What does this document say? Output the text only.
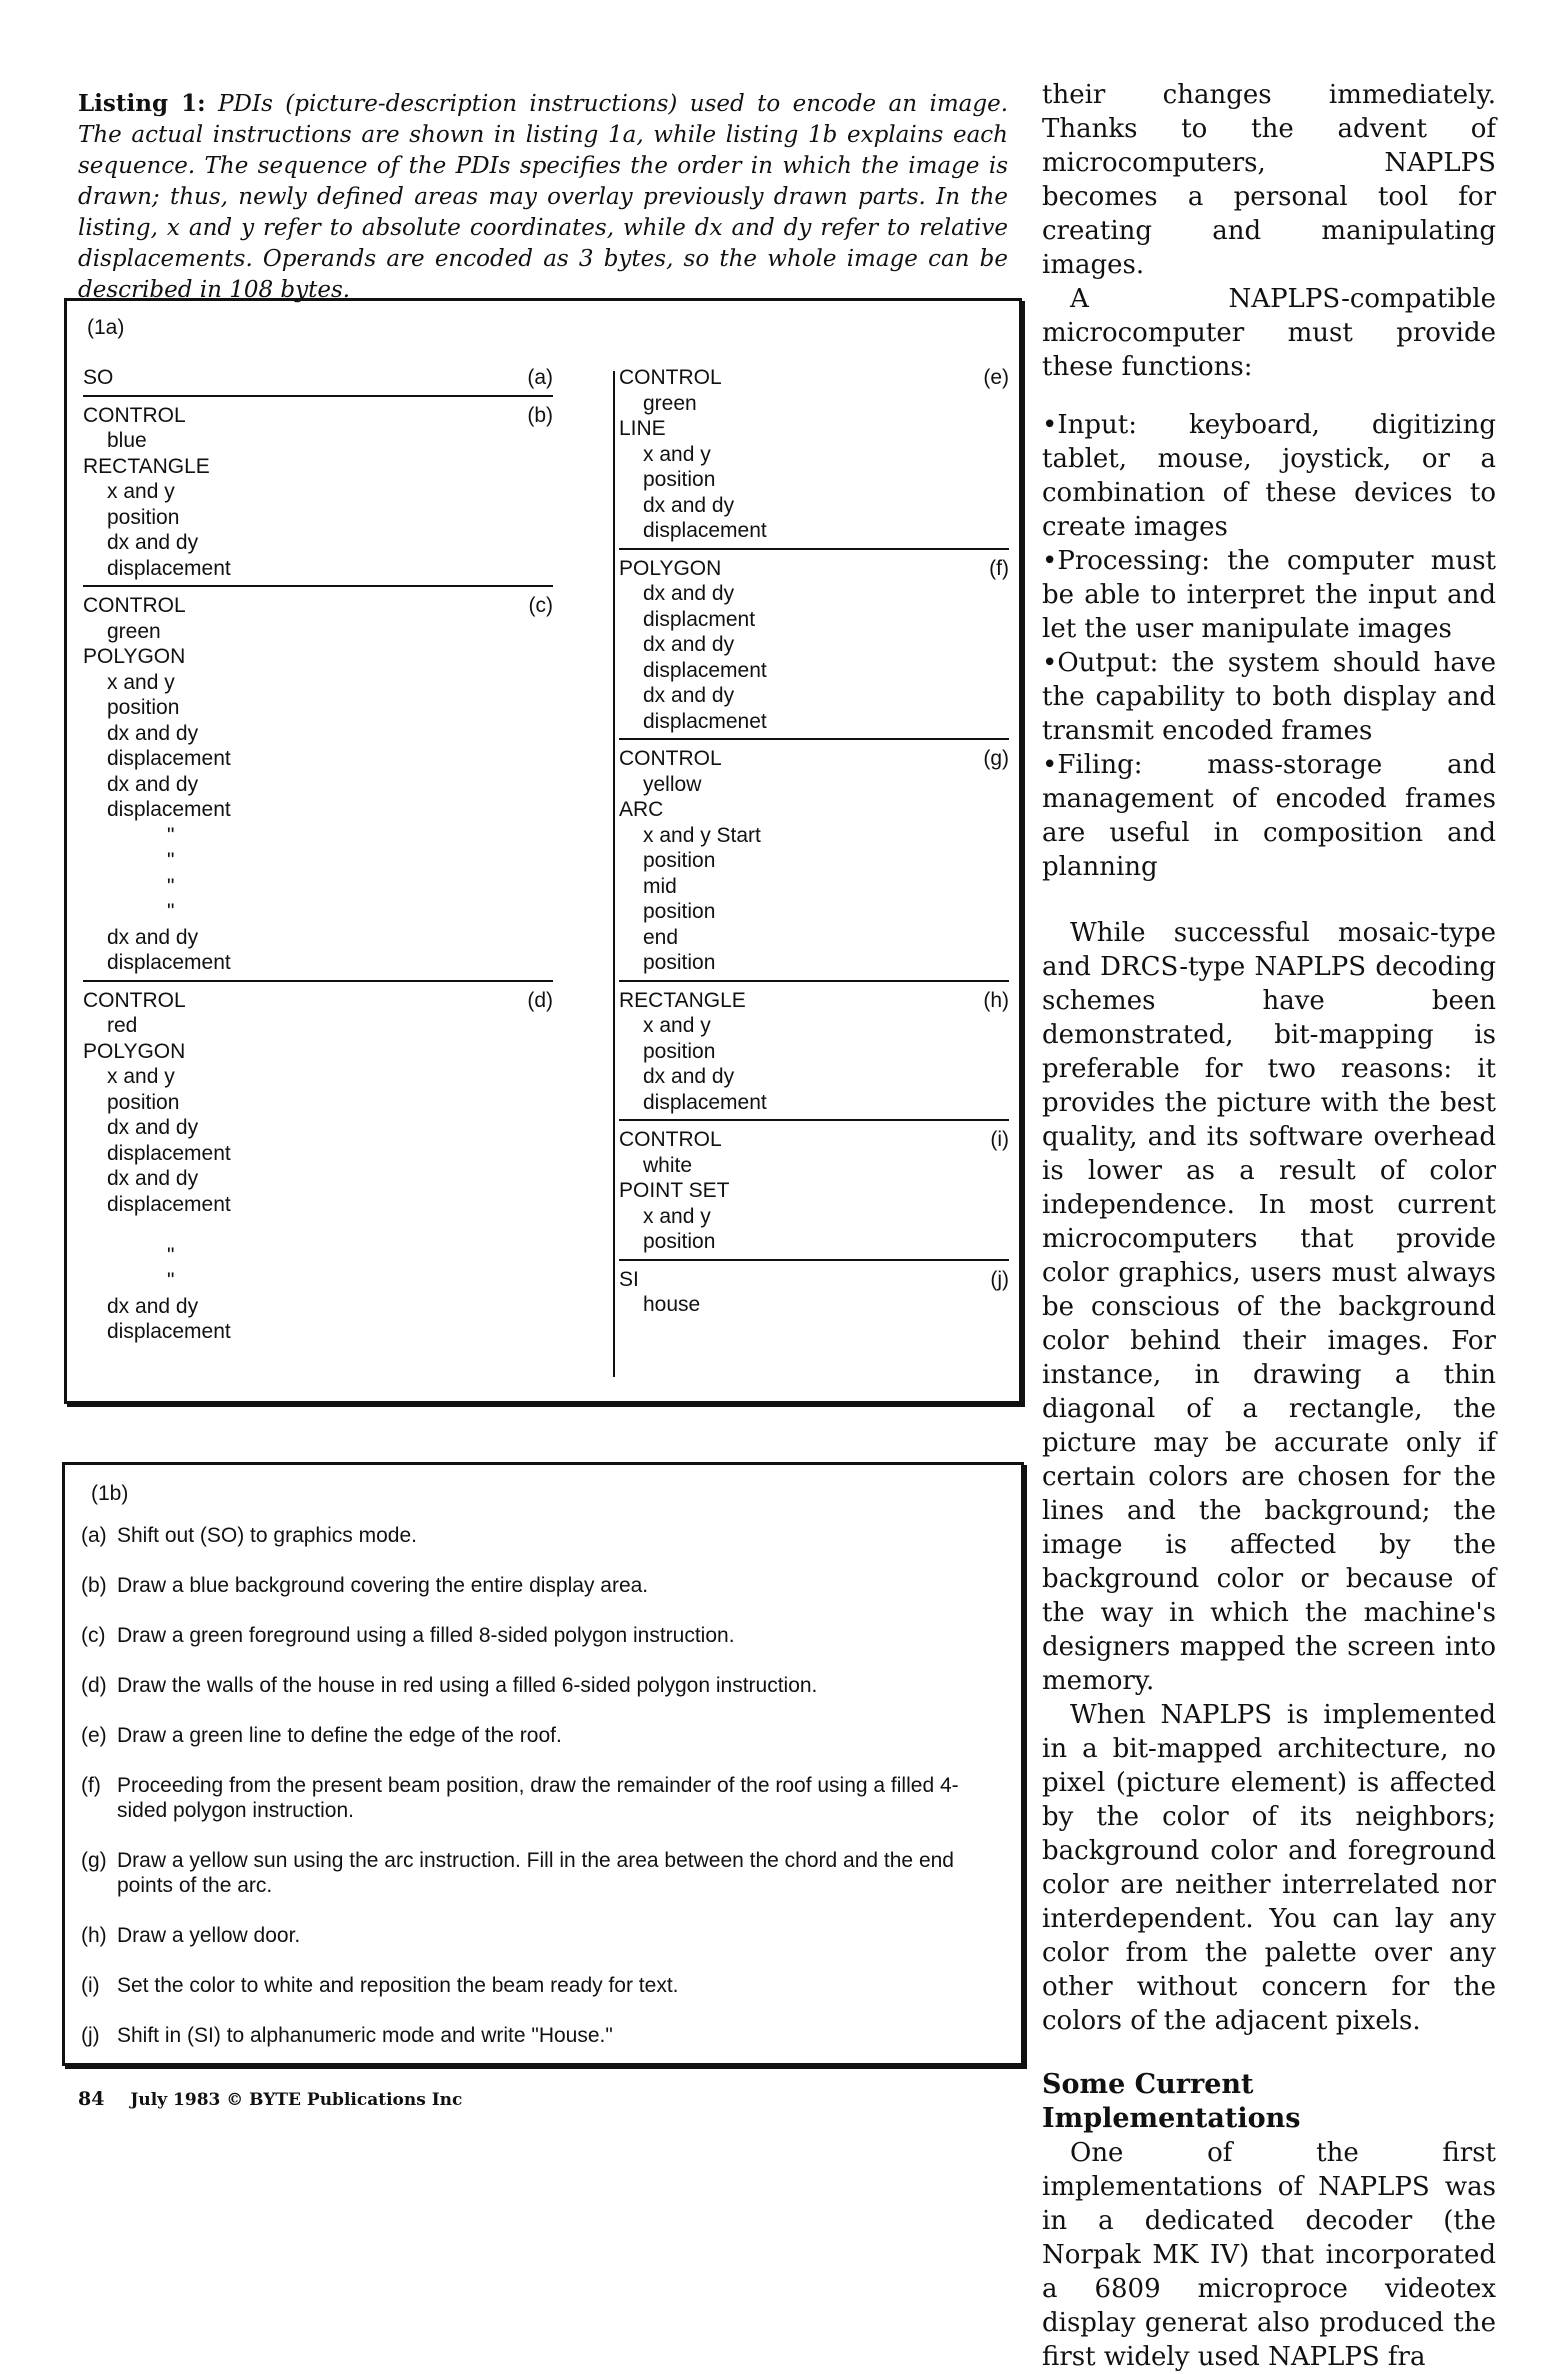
Listing 1: PDIs (picture-description instructions) used to encode an image. The actual instructions are shown in listing 1a, while listing 1b explains each sequence. The sequence of the PDIs specifies the order in which the image is drawn; thus, newly defined areas may overlay previously drawn parts. In the listing, x and y refer to absolute coordinates, while dx and dy refer to relative displacements. Operands are encoded as 3 bytes, so the whole image can be described in 108 bytes.
(1a)
(a)
SO
(b)
CONTROL
blue
RECTANGLE
x and y
position
dx and dy
displacement
(c)
CONTROL
green
POLYGON
x and y
position
dx and dy
displacement
dx and dy
displacement
"
"
"
"
dx and dy
displacement
(d)
CONTROL
red
POLYGON
x and y
position
dx and dy
displacement
dx and dy
displacement
"
"
dx and dy
displacement
(e)
CONTROL
green
LINE
x and y
position
dx and dy
displacement
(f)
POLYGON
dx and dy
displacment
dx and dy
displacement
dx and dy
displacmenet
(g)
CONTROL
yellow
ARC
x and y Start
position
mid
position
end
position
(h)
RECTANGLE
x and y
position
dx and dy
displacement
(i)
CONTROL
white
POINT SET
x and y
position
(j)
SI
house
(1b)
(a) Shift out (SO) to graphics mode.
(b) Draw a blue background covering the entire display area.
(c) Draw a green foreground using a filled 8-sided polygon instruction.
(d) Draw the walls of the house in red using a filled 6-sided polygon instruction.
(e) Draw a green line to define the edge of the roof.
(f) Proceeding from the present beam position, draw the remainder of the roof using a filled 4-sided polygon instruction.
(g) Draw a yellow sun using the arc instruction. Fill in the area between the chord and the end points of the arc.
(h) Draw a yellow door.
(i) Set the color to white and reposition the beam ready for text.
(j) Shift in (SI) to alphanumeric mode and write "House."

their changes immediately. Thanks to the advent of microcomputers, NAPLPS becomes a personal tool for creating and manipulating images.

A NAPLPS-compatible microcomputer must provide these functions:

•Input: keyboard, digitizing tablet, mouse, joystick, or a combination of these devices to create images

•Processing: the computer must be able to interpret the input and let the user manipulate images

•Output: the system should have the capability to both display and transmit encoded frames

•Filing: mass-storage and management of encoded frames are useful in composition and planning

While successful mosaic-type and DRCS-type NAPLPS decoding schemes have been demonstrated, bit-mapping is preferable for two reasons: it provides the picture with the best quality, and its software overhead is lower as a result of color independence. In most current microcomputers that provide color graphics, users must always be conscious of the background color behind their images. For instance, in drawing a thin diagonal of a rectangle, the picture may be accurate only if certain colors are chosen for the lines and the background; the image is affected by the background color or because of the way in which the machine's designers mapped the screen into memory.

When NAPLPS is implemented in a bit-mapped architecture, no pixel (picture element) is affected by the color of its neighbors; background color and foreground color are neither interrelated nor interdependent. You can lay any color from the palette over any other without concern for the colors of the adjacent pixels.

Some Current Implementations

One of the first implementations of NAPLPS was in a dedicated decoder (the Norpak MK IV) that incorporated a 6809 microproce videotex display generat also produced the first widely used NAPLPS fra

84 July 1983 © BYTE Publications Inc
